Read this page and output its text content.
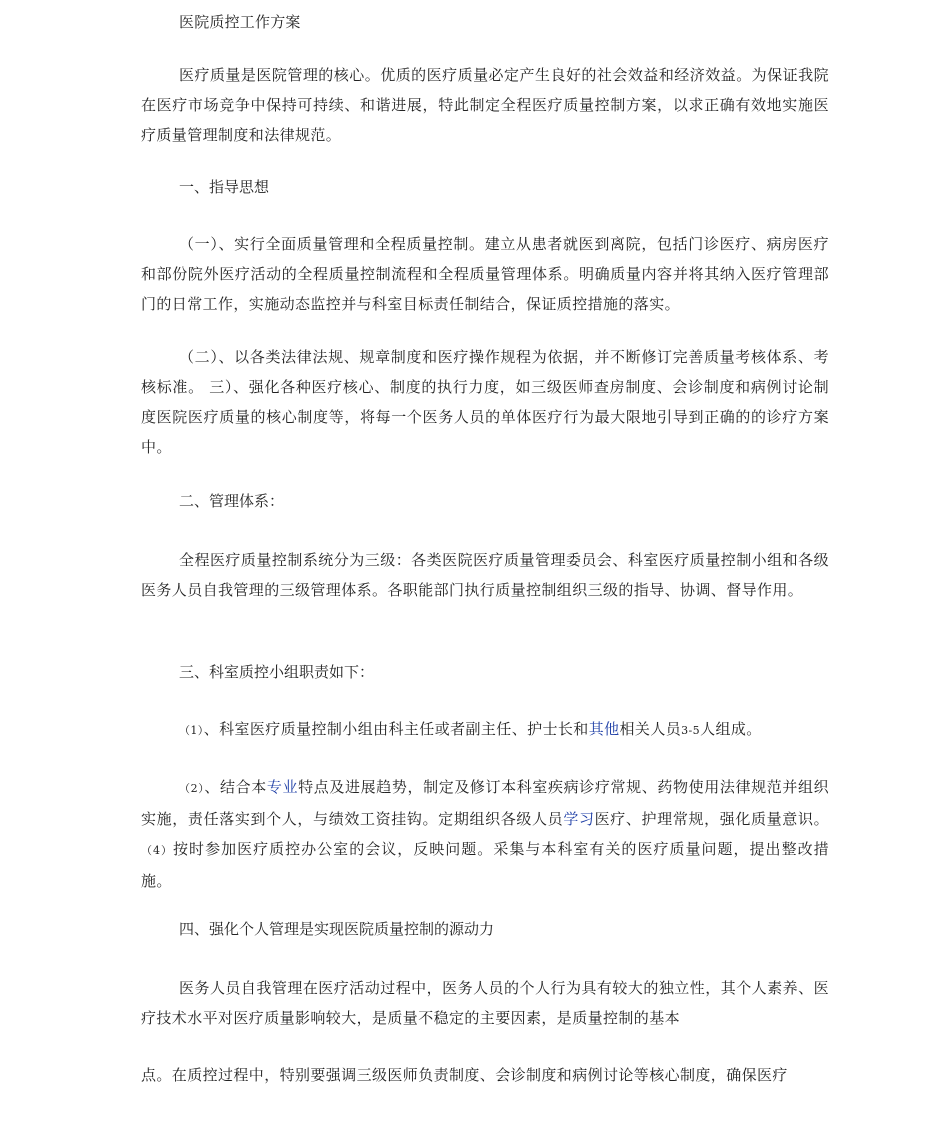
医院质控工作方案

医疗质量是医院管理的核心。优质的医疗质量必定产生良好的社会效益和经济效益。为保证我院在医疗市场竞争中保持可持续、和谐进展，特此制定全程医疗质量控制方案，以求正确有效地实施医疗质量管理制度和法律规范。

一、指导思想

（一）、实行全面质量管理和全程质量控制。建立从患者就医到离院，包括门诊医疗、病房医疗和部份院外医疗活动的全程质量控制流程和全程质量管理体系。明确质量内容并将其纳入医疗管理部门的日常工作，实施动态监控并与科室目标责任制结合，保证质控措施的落实。

（二）、以各类法律法规、规章制度和医疗操作规程为依据，并不断修订完善质量考核体系、考核标准。 三）、强化各种医疗核心、制度的执行力度，如三级医师查房制度、会诊制度和病例讨论制度医院医疗质量的核心制度等，将每一个医务人员的单体医疗行为最大限地引导到正确的的诊疗方案中。

二、管理体系：

全程医疗质量控制系统分为三级：各类医院医疗质量管理委员会、科室医疗质量控制小组和各级医务人员自我管理的三级管理体系。各职能部门执行质量控制组织三级的指导、协调、督导作用。

三、科室质控小组职责如下：

（1）、科室医疗质量控制小组由科主任或者副主任、护士长和其他相关人员3-5人组成。

（2）、结合本专业特点及进展趋势，制定及修订本科室疾病诊疗常规、药物使用法律规范并组织实施，责任落实到个人，与绩效工资挂钩。定期组织各级人员学习医疗、护理常规，强化质量意识。 （4）按时参加医疗质控办公室的会议，反映问题。采集与本科室有关的医疗质量问题，提出整改措施。

四、强化个人管理是实现医院质量控制的源动力

医务人员自我管理在医疗活动过程中，医务人员的个人行为具有较大的独立性，其个人素养、医疗技术水平对医疗质量影响较大，是质量不稳定的主要因素，是质量控制的基本

点。在质控过程中，特别要强调三级医师负责制度、会诊制度和病例讨论等核心制度，确保医疗
